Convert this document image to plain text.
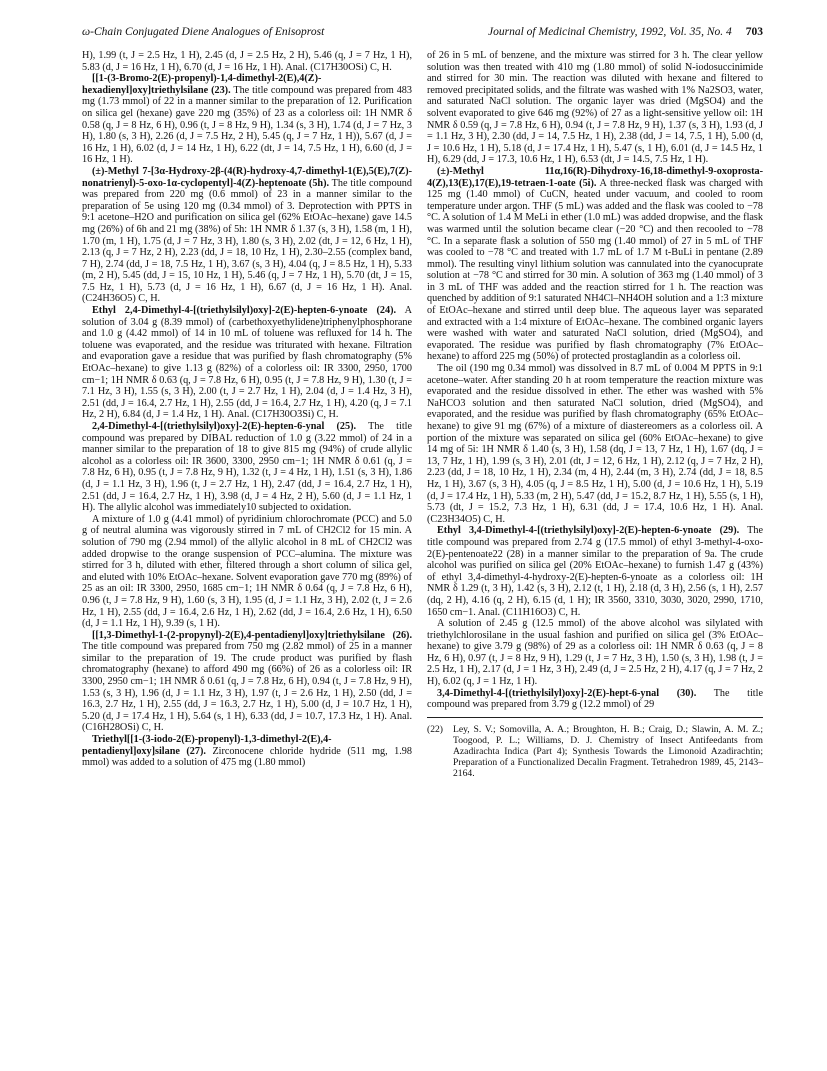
ω-Chain Conjugated Diene Analogues of Enisoprost	Journal of Medicinal Chemistry, 1992, Vol. 35, No. 4 703

H), 1.99 (t, J = 2.5 Hz, 1 H), 2.45 (d, J = 2.5 Hz, 2 H), 5.46 (q, J = 7 Hz, 1 H), 5.83 (d, J = 16 Hz, 1 H), 6.70 (d, J = 16 Hz, 1 H). Anal. (C17H30OSi) C, H.

[[1-(3-Bromo-2(E)-propenyl)-1,4-dimethyl-2(E),4(Z)-hexadienyl]oxy]triethylsilane (23). The title compound was prepared from 483 mg (1.73 mmol) of 22 in a manner similar to the preparation of 12. Purification on silica gel (hexane) gave 220 mg (35%) of 23 as a colorless oil: 1H NMR δ 0.58 (q, J = 8 Hz, 6 H), 0.96 (t, J = 8 Hz, 9 H), 1.34 (s, 3 H), 1.74 (d, J = 7 Hz, 3 H), 1.80 (s, 3 H), 2.26 (d, J = 7.5 Hz, 2 H), 5.45 (q, J = 7 Hz, 1 H)), 5.67 (d, J = 16 Hz, 1 H), 6.02 (d, J = 14 Hz, 1 H), 6.22 (dt, J = 14, 7.5 Hz, 1 H), 6.60 (d, J = 16 Hz, 1 H).

(±)-Methyl 7-[3α-Hydroxy-2β-(4(R)-hydroxy-4,7-dimethyl-1(E),5(E),7(Z)-nonatrienyl)-5-oxo-1α-cyclopentyl]-4(Z)-heptenoate (5h). The title compound was prepared from 220 mg (0.6 mmol) of 23 in a manner similar to the preparation of 5e using 120 mg (0.34 mmol) of 3. Deprotection with PPTS in 9:1 acetone–H2O and purification on silica gel (62% EtOAc–hexane) gave 14.5 mg (26%) of 6h and 21 mg (38%) of 5h: 1H NMR δ 1.37 (s, 3 H), 1.58 (m, 1 H), 1.70 (m, 1 H), 1.75 (d, J = 7 Hz, 3 H), 1.80 (s, 3 H), 2.02 (dt, J = 12, 6 Hz, 1 H), 2.13 (q, J = 7 Hz, 2 H), 2.23 (dd, J = 18, 10 Hz, 1 H), 2.30–2.55 (complex band, 7 H), 2.74 (dd, J = 18, 7.5 Hz, 1 H), 3.67 (s, 3 H), 4.04 (q, J = 8.5 Hz, 1 H), 5.33 (m, 2 H), 5.45 (dd, J = 15, 10 Hz, 1 H), 5.46 (q, J = 7 Hz, 1 H), 5.70 (dt, J = 15, 7.5 Hz, 1 H), 5.73 (d, J = 16 Hz, 1 H), 6.67 (d, J = 16 Hz, 1 H). Anal. (C24H36O5) C, H.

Ethyl 2,4-Dimethyl-4-[(triethylsilyl)oxy]-2(E)-hepten-6-ynoate (24). A solution of 3.04 g (8.39 mmol) of (carbethoxyethylidene)triphenylphosphorane and 1.0 g (4.42 mmol) of 14 in 10 mL of toluene was refluxed for 14 h. The toluene was evaporated, and the residue was triturated with hexane. Filtration and evaporation gave a residue that was purified by flash chromatography (5% EtOAc–hexane) to give 1.13 g (82%) of a colorless oil: IR 3300, 2950, 1700 cm−1; 1H NMR δ 0.63 (q, J = 7.8 Hz, 6 H), 0.95 (t, J = 7.8 Hz, 9 H), 1.30 (t, J = 7.1 Hz, 3 H), 1.55 (s, 3 H), 2.00 (t, J = 2.7 Hz, 1 H), 2.04 (d, J = 1.4 Hz, 3 H), 2.51 (dd, J = 16.4, 2.7 Hz, 1 H), 2.55 (dd, J = 16.4, 2.7 Hz, 1 H), 4.20 (q, J = 7.1 Hz, 2 H), 6.84 (d, J = 1.4 Hz, 1 H). Anal. (C17H30O3Si) C, H.

2,4-Dimethyl-4-[(triethylsilyl)oxy]-2(E)-hepten-6-ynal (25). The title compound was prepared by DIBAL reduction of 1.0 g (3.22 mmol) of 24 in a manner similar to the preparation of 18 to give 815 mg (94%) of crude allylic alcohol as a colorless oil: IR 3600, 3300, 2950 cm−1; 1H NMR δ 0.61 (q, J = 7.8 Hz, 6 H), 0.95 (t, J = 7.8 Hz, 9 H), 1.32 (t, J = 4 Hz, 1 H), 1.51 (s, 3 H), 1.86 (d, J = 1.1 Hz, 3 H), 1.96 (t, J = 2.7 Hz, 1 H), 2.47 (dd, J = 16.4, 2.7 Hz, 1 H), 2.51 (dd, J = 16.4, 2.7 Hz, 1 H), 3.98 (d, J = 4 Hz, 2 H), 5.60 (d, J = 1.1 Hz, 1 H). The allylic alcohol was immediately10 subjected to oxidation.

A mixture of 1.0 g (4.41 mmol) of pyridinium chlorochromate (PCC) and 5.0 g of neutral alumina was vigorously stirred in 7 mL of CH2Cl2 for 15 min. A solution of 790 mg (2.94 mmol) of the allylic alcohol in 8 mL of CH2Cl2 was added dropwise to the orange suspension of PCC–alumina. The mixture was stirred for 3 h, diluted with ether, filtered through a short column of silica gel, and eluted with 10% EtOAc–hexane. Solvent evaporation gave 770 mg (89%) of 25 as an oil: IR 3300, 2950, 1685 cm−1; 1H NMR δ 0.64 (q, J = 7.8 Hz, 6 H), 0.96 (t, J = 7.8 Hz, 9 H), 1.60 (s, 3 H), 1.95 (d, J = 1.1 Hz, 3 H), 2.02 (t, J = 2.6 Hz, 1 H), 2.55 (dd, J = 16.4, 2.6 Hz, 1 H), 2.62 (dd, J = 16.4, 2.6 Hz, 1 H), 6.50 (d, J = 1.1 Hz, 1 H), 9.39 (s, 1 H).

[[1,3-Dimethyl-1-(2-propynyl)-2(E),4-pentadienyl]oxy]triethylsilane (26). The title compound was prepared from 750 mg (2.82 mmol) of 25 in a manner similar to the preparation of 19. The crude product was purified by flash chromatography (hexane) to afford 490 mg (66%) of 26 as a colorless oil: IR 3300, 2950 cm−1; 1H NMR δ 0.61 (q, J = 7.8 Hz, 6 H), 0.94 (t, J = 7.8 Hz, 9 H), 1.53 (s, 3 H), 1.96 (d, J = 1.1 Hz, 3 H), 1.97 (t, J = 2.6 Hz, 1 H), 2.50 (dd, J = 16.3, 2.7 Hz, 1 H), 2.55 (dd, J = 16.3, 2.7 Hz, 1 H), 5.00 (d, J = 10.7 Hz, 1 H), 5.20 (d, J = 17.4 Hz, 1 H), 5.64 (s, 1 H), 6.33 (dd, J = 10.7, 17.3 Hz, 1 H). Anal. (C16H28OSi) C, H.

Triethyl[[1-(3-iodo-2(E)-propenyl)-1,3-dimethyl-2(E),4-pentadienyl]oxy]silane (27). Zirconocene chloride hydride (511 mg, 1.98 mmol) was added to a solution of 475 mg (1.80 mmol)

of 26 in 5 mL of benzene, and the mixture was stirred for 3 h. The clear yellow solution was then treated with 410 mg (1.80 mmol) of solid N-iodosuccinimide and stirred for 30 min. The reaction was diluted with hexane and filtered to removed precipitated solids, and the filtrate was washed with 1% Na2SO3, water, and saturated NaCl solution. The organic layer was dried (MgSO4) and the solvent evaporated to give 646 mg (92%) of 27 as a light-sensitive yellow oil: 1H NMR δ 0.59 (q, J = 7.8 Hz, 6 H), 0.94 (t, J = 7.8 Hz, 9 H), 1.37 (s, 3 H), 1.93 (d, J = 1.1 Hz, 3 H), 2.30 (dd, J = 14, 7.5 Hz, 1 H), 2.38 (dd, J = 14, 7.5, 1 H), 5.00 (d, J = 10.6 Hz, 1 H), 5.18 (d, J = 17.4 Hz, 1 H), 5.47 (s, 1 H), 6.01 (d, J = 14.5 Hz, 1 H), 6.29 (dd, J = 17.3, 10.6 Hz, 1 H), 6.53 (dt, J = 14.5, 7.5 Hz, 1 H).

(±)-Methyl 11α,16(R)-Dihydroxy-16,18-dimethyl-9-oxoprosta-4(Z),13(E),17(E),19-tetraen-1-oate (5i). A three-necked flask was charged with 125 mg (1.40 mmol) of CuCN, heated under vacuum, and cooled to room temperature under argon. THF (5 mL) was added and the flask was cooled to −78 °C. A solution of 1.4 M MeLi in ether (1.0 mL) was added dropwise, and the flask was warmed until the solution became clear (−20 °C) and then recooled to −78 °C. In a separate flask a solution of 550 mg (1.40 mmol) of 27 in 5 mL of THF was cooled to −78 °C and treated with 1.7 mL of 1.7 M t-BuLi in pentane (2.89 mmol). The resulting vinyl lithium solution was cannulated into the cyanocuprate solution at −78 °C and stirred for 30 min. A solution of 363 mg (1.40 mmol) of 3 in 3 mL of THF was added and the reaction stirred for 1 h. The reaction was quenched by addition of 9:1 saturated NH4Cl–NH4OH solution and a 1:3 mixture of EtOAc–hexane and stirred until deep blue. The aqueous layer was separated and extracted with a 1:4 mixture of EtOAc–hexane. The combined organic layers were washed with water and saturated NaCl solution, dried (MgSO4), and evaporated. The residue was purified by flash chromatography (7% EtOAc–hexane) to afford 225 mg (50%) of protected prostaglandin as a colorless oil.

The oil (190 mg 0.34 mmol) was dissolved in 8.7 mL of 0.004 M PPTS in 9:1 acetone–water. After standing 20 h at room temperature the reaction mixture was evaporated and the residue dissolved in ether. The ether was washed with 5% NaHCO3 solution and then saturated NaCl solution, dried (MgSO4), and evaporated, and the residue was purified by flash chromatography (65% EtOAc–hexane) to give 91 mg (67%) of a mixture of diastereomers as a colorless oil. A portion of the mixture was separated on silica gel (60% EtOAc–hexane) to give 14 mg of 5i: 1H NMR δ 1.40 (s, 3 H), 1.58 (dq, J = 13, 7 Hz, 1 H), 1.67 (dq, J = 13, 7 Hz, 1 H), 1.99 (s, 3 H), 2.01 (dt, J = 12, 6 Hz, 1 H), 2.12 (q, J = 7 Hz, 2 H), 2.23 (dd, J = 18, 10 Hz, 1 H), 2.34 (m, 4 H), 2.44 (m, 3 H), 2.74 (dd, J = 18, 8.5 Hz, 1 H), 3.67 (s, 3 H), 4.05 (q, J = 8.5 Hz, 1 H), 5.00 (d, J = 10.6 Hz, 1 H), 5.19 (d, J = 17.4 Hz, 1 H), 5.33 (m, 2 H), 5.47 (dd, J = 15.2, 8.7 Hz, 1 H), 5.55 (s, 1 H), 5.73 (dt, J = 15.2, 7.3 Hz, 1 H), 6.31 (dd, J = 17.4, 10.6 Hz, 1 H). Anal. (C23H34O5) C, H.

Ethyl 3,4-Dimethyl-4-[(triethylsilyl)oxy]-2(E)-hepten-6-ynoate (29). The title compound was prepared from 2.74 g (17.5 mmol) of ethyl 3-methyl-4-oxo-2(E)-pentenoate22 (28) in a manner similar to the preparation of 9a. The crude alcohol was purified on silica gel (20% EtOAc–hexane) to furnish 1.47 g (43%) of ethyl 3,4-dimethyl-4-hydroxy-2(E)-hepten-6-ynoate as a colorless oil: 1H NMR δ 1.29 (t, 3 H), 1.42 (s, 3 H), 2.12 (t, 1 H), 2.18 (d, 3 H), 2.56 (s, 1 H), 2.57 (dq, 2 H), 4.16 (q, 2 H), 6.15 (d, 1 H); IR 3560, 3310, 3030, 3020, 2990, 1710, 1650 cm−1. Anal. (C11H16O3) C, H.

A solution of 2.45 g (12.5 mmol) of the above alcohol was silylated with triethylchlorosilane in the usual fashion and purified on silica gel (3% EtOAc–hexane) to give 3.79 g (98%) of 29 as a colorless oil: 1H NMR δ 0.63 (q, J = 8 Hz, 6 H), 0.97 (t, J = 8 Hz, 9 H), 1.29 (t, J = 7 Hz, 3 H), 1.50 (s, 3 H), 1.98 (t, J = 2.5 Hz, 1 H), 2.17 (d, J = 1 Hz, 3 H), 2.49 (d, J = 2.5 Hz, 2 H), 4.17 (q, J = 7 Hz, 2 H), 6.02 (q, J = 1 Hz, 1 H).

3,4-Dimethyl-4-[(triethylsilyl)oxy]-2(E)-hept-6-ynal (30). The title compound was prepared from 3.79 g (12.2 mmol) of 29

(22)	Ley, S. V.; Somovilla, A. A.; Broughton, H. B.; Craig, D.; Slawin, A. M. Z.; Toogood, P. L.; Williams, D. J. Chemistry of Insect Antifeedants from Azadirachta Indica (Part 4); Synthesis Towards the Limonoid Azadirachtin; Preparation of a Functionalized Decalin Fragment. Tetrahedron 1989, 45, 2143–2164.
